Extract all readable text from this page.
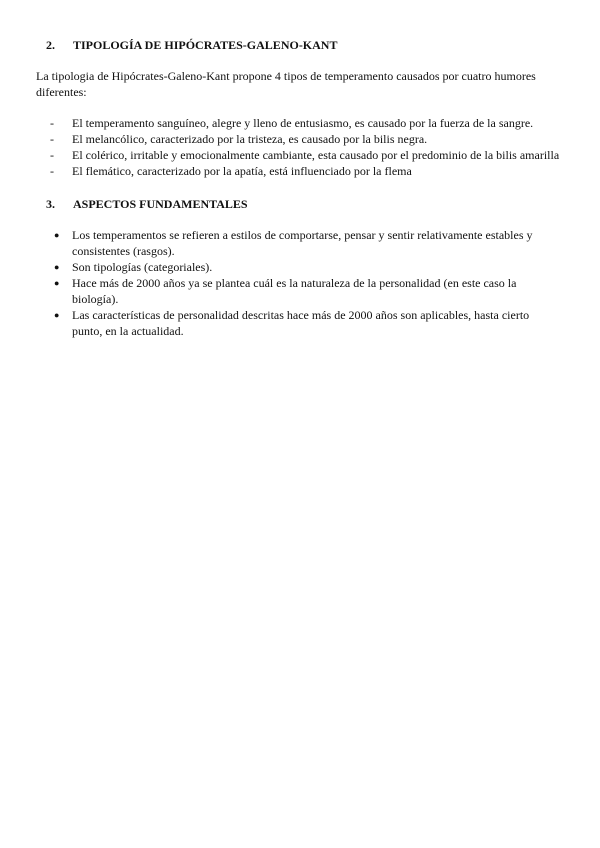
2. TIPOLOGÍA DE HIPÓCRATES-GALENO-KANT
La tipologia de Hipócrates-Galeno-Kant propone 4 tipos de temperamento causados por cuatro humores diferentes:
- El temperamento sanguíneo, alegre y lleno de entusiasmo, es causado por la fuerza de la sangre.
- El melancólico, caracterizado por la tristeza, es causado por la bilis negra.
- El colérico, irritable y emocionalmente cambiante, esta causado por el predominio de la bilis amarilla
- El flemático, caracterizado por la apatía, está influenciado por la flema
3. ASPECTOS FUNDAMENTALES
● Los temperamentos se refieren a estilos de comportarse, pensar y sentir relativamente estables y consistentes (rasgos).
● Son tipologías (categoriales).
● Hace más de 2000 años ya se plantea cuál es la naturaleza de la personalidad (en este caso la biología).
● Las características de personalidad descritas hace más de 2000 años son aplicables, hasta cierto punto, en la actualidad.
